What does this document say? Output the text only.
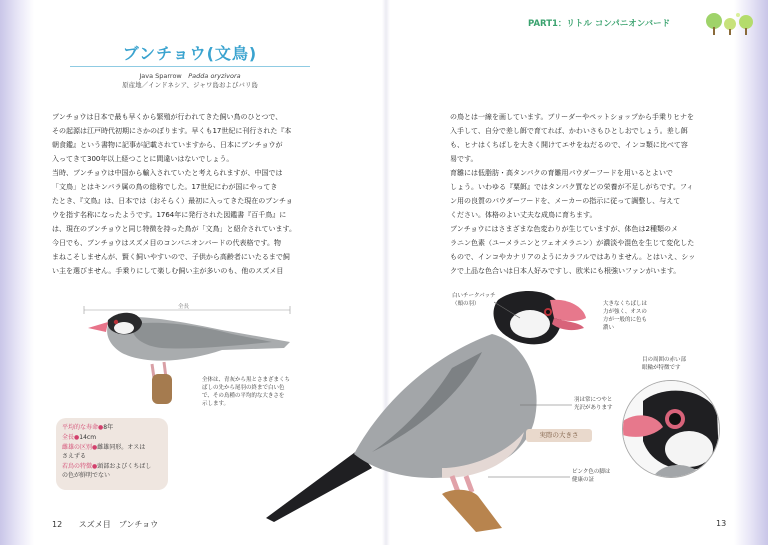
PART1：リトル コンパニオンバード
ブンチョウ(文鳥)
Java Sparrow　 Padda oryzivora
原産地／インドネシア、ジャワ島およびバリ島
ブンチョウは日本で最も早くから繁殖が行われてきた飼い鳥のひとつで、
その起源は江戸時代初期にさかのぼります。早くも17世紀に刊行された『本
朝食鑑』という書物に記事が記載されていますから、日本にブンチョウが
入ってきて300年以上経つことに間違いはないでしょう。
当時、ブンチョウは中国から輸入されていたと考えられますが、中国では
「文鳥」とはキンパラ属の鳥の総称でした。17世紀にわが国にやってき
たとき、『文鳥』は、日本では（おそらく）最初に入ってきた現在のブンチョ
ウを指す名称になったようです。1764年に発行された図鑑書『百千鳥』に
は、現在のブンチョウと同じ特徴を持った鳥が「文鳥」と紹介されています。
今日でも、ブンチョウはスズメ目のコンパニオンバードの代表格です。物
まねこそしませんが、賢く飼いやすいので、子供から高齢者にいたるまで飼
い主を選びません。手乗りにして楽しむ飼い主が多いのも、他のスズメ目
の鳥とは一線を画しています。ブリーダーやペットショップから手乗りヒナを
入手して、自分で差し餌で育てれば、かわいさもひとしおでしょう。差し餌
も、ヒナはくちばしを大きく開けてエサをねだるので、インコ類に比べて容
易です。
育雛には低脂肪・高タンパクの育雛用パウダーフードを用いるとよいで
しょう。いわゆる『粟餌』ではタンパク質などの栄養が不足しがちです。フィ
ン用の良質のパウダーフードを、メーカーの指示に従って調整し、与えて
ください。体格のよい丈夫な成鳥に育ちます。
ブンチョウにはさまざまな色変わりが生じていますが、体色は2種類のメ
ラニン色素（ユーメラニンとフェオメラニン）が濃淡や混色を生じて変化した
もので、インコやカナリアのようにカラフルではありません。とはいえ、シッ
クで上品な色合いは日本人好みですし、欧米にも根強いファンがいます。
全長
全体は、青灰から黒とさまざまくち
ばしの先から尾羽の終まで白い色
で、その鳥種の平均的な大きさを
示します。
平均的な寿命●8年
全長●14cm
雌雄の区別●雌雄同形。オスは
さえずる
若鳥の特徴●頭部およびくちばし
の色が鮮明でない
白いチークパッチ
（頬の羽）	大きなくちばしは
力が強く、オスの
方が一般的に色も
濃い
目の周囲の赤い部
眼輪が特徴です
羽は常につやと
光沢があります
実際の大きさ
ピンク色の脚は
健康の証
12 スズメ目　ブンチョウ	13
